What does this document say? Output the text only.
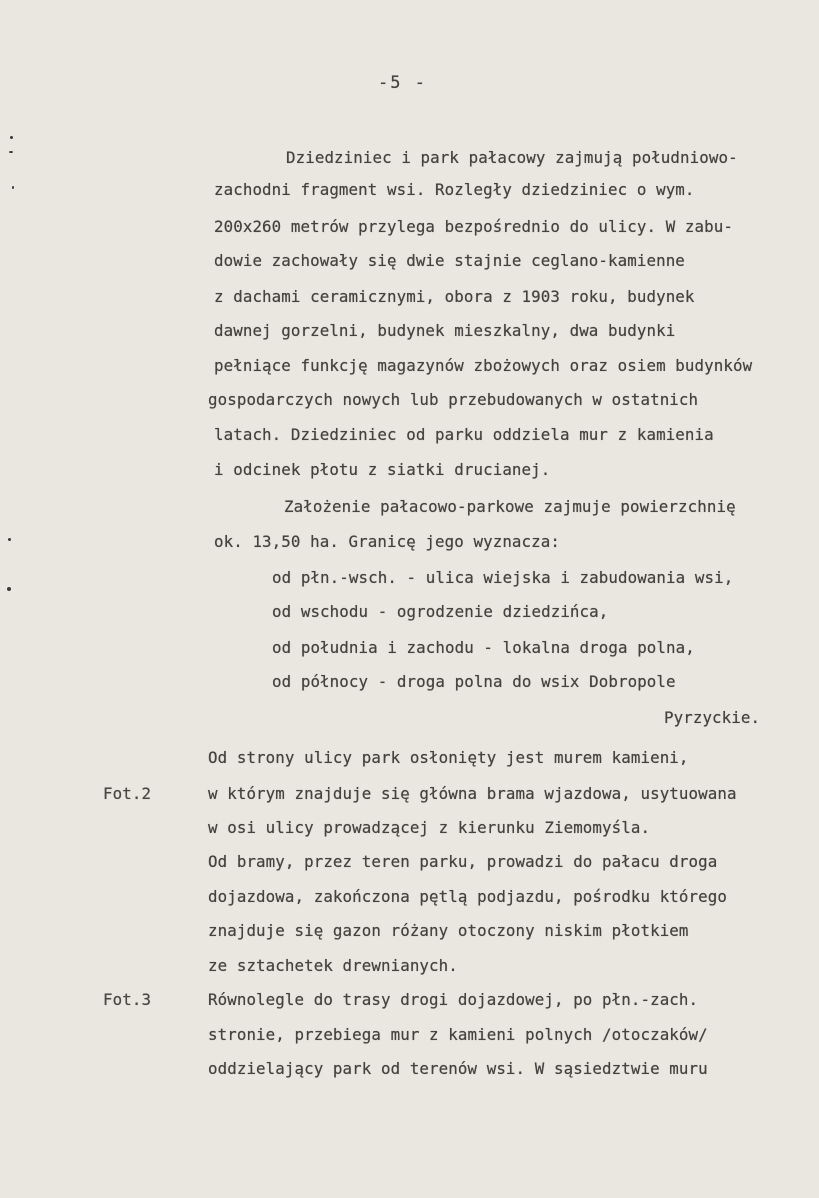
-5 -
Dziedziniec i park pałacowy zajmują południowo-
zachodni fragment wsi. Rozległy dziedziniec o wym.
200x260 metrów przylega bezpośrednio do ulicy. W zabu-
dowie zachowały się dwie stajnie ceglano-kamienne
z dachami ceramicznymi, obora z 1903 roku, budynek
dawnej gorzelni, budynek mieszkalny, dwa budynki
pełniące funkcję magazynów zbożowych oraz osiem budynków
gospodarczych nowych lub przebudowanych w ostatnich
latach. Dziedziniec od parku oddziela mur z kamienia
i odcinek płotu z siatki drucianej.
Założenie pałacowo-parkowe zajmuje powierzchnię
ok. 13,50 ha. Granicę jego wyznacza:
od płn.-wsch. - ulica wiejska i zabudowania wsi,
od wschodu - ogrodzenie dziedzińca,
od południa i zachodu - lokalna droga polna,
od północy - droga polna do wsix Dobropole
Pyrzyckie.
Od strony ulicy park osłonięty jest murem kamieni,
Fot.2	w którym znajduje się główna brama wjazdowa, usytuowana
w osi ulicy prowadzącej z kierunku Ziemomyśla.
Od bramy, przez teren parku, prowadzi do pałacu droga
dojazdowa, zakończona pętlą podjazdu, pośrodku którego
znajduje się gazon różany otoczony niskim płotkiem
ze sztachetek drewnianych.
Fot.3	Równolegle do trasy drogi dojazdowej, po płn.-zach.
stronie, przebiega mur z kamieni polnych /otoczaków/
oddzielający park od terenów wsi. W sąsiedztwie muru
